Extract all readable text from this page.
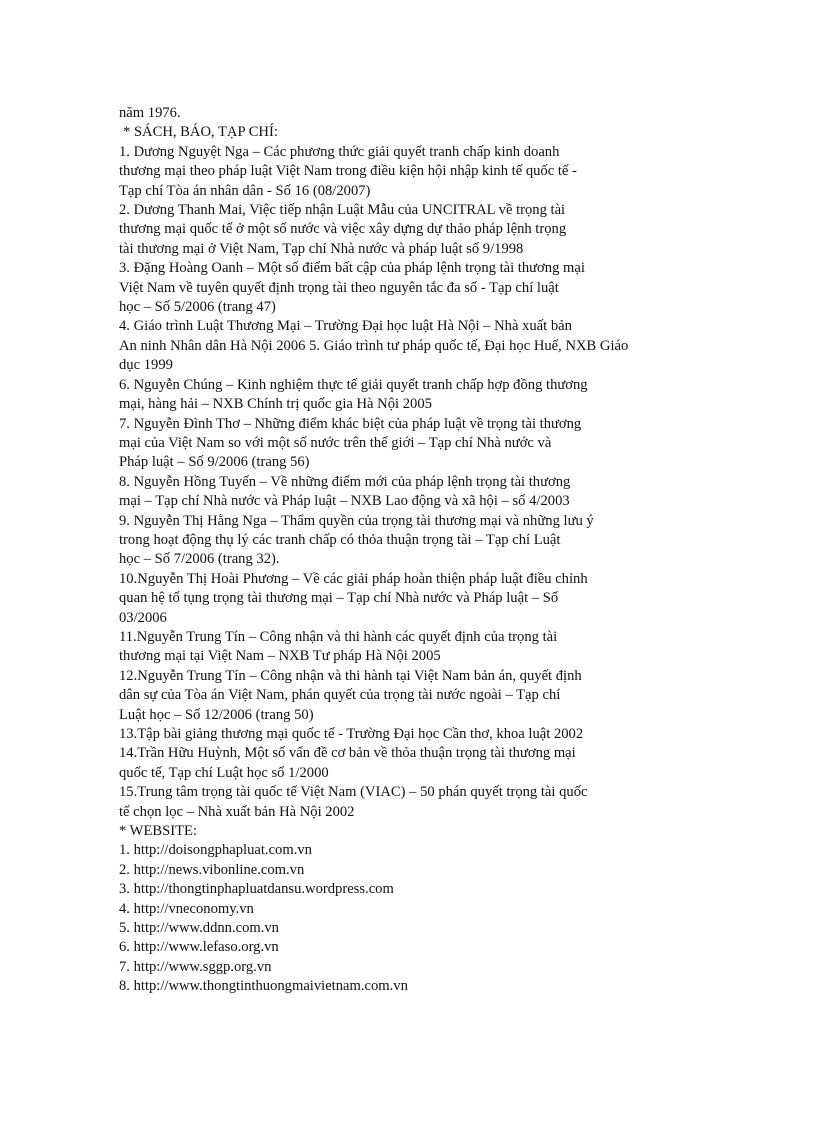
năm 1976.
* SÁCH, BÁO, TẠP CHÍ:
1. Dương Nguyệt Nga – Các phương thức giải quyết tranh chấp kinh doanh
thương mại theo pháp luật Việt Nam trong điều kiện hội nhập kinh tế quốc tế -
Tạp chí Tòa án nhân dân - Số 16 (08/2007)
2. Dương Thanh Mai, Việc tiếp nhận Luật Mẫu của UNCITRAL về trọng tài
thương mại quốc tế ở một số nước và việc xây dựng dự thảo pháp lệnh trọng
tài thương mại ở Việt Nam, Tạp chí Nhà nước và pháp luật số 9/1998
3. Đặng Hoàng Oanh – Một số điểm bất cập của pháp lệnh trọng tài thương mại
Việt Nam về tuyên quyết định trọng tài theo nguyên tắc đa số - Tạp chí luật
học – Số 5/2006 (trang 47)
4. Giáo trình Luật Thương Mại – Trường Đại học luật Hà Nội – Nhà xuất bản
An ninh Nhân dân Hà Nội 2006 5. Giáo trình tư pháp quốc tế, Đại học Huế, NXB Giáo
dục 1999
6. Nguyễn Chúng – Kinh nghiệm thực tế giải quyết tranh chấp hợp đồng thương
mại, hàng hải – NXB Chính trị quốc gia Hà Nội 2005
7. Nguyễn Đình Thơ – Những điểm khác biệt của pháp luật về trọng tài thương
mại của Việt Nam so với một số nước trên thế giới – Tạp chí Nhà nước và
Pháp luật – Số 9/2006 (trang 56)
8. Nguyễn Hồng Tuyến – Về những điểm mới của pháp lệnh trọng tài thương
mại – Tạp chí Nhà nước và Pháp luật – NXB Lao động và xã hội – số 4/2003
9. Nguyễn Thị Hằng Nga – Thẩm quyền của trọng tài thương mại và những lưu ý
trong hoạt động thụ lý các tranh chấp có thỏa thuận trọng tài – Tạp chí Luật
học – Số 7/2006 (trang 32).
10.Nguyễn Thị Hoài Phương – Về các giải pháp hoàn thiện pháp luật điều chỉnh
quan hệ tố tụng trọng tài thương mại – Tạp chí Nhà nước và Pháp luật – Số
03/2006
11.Nguyễn Trung Tín – Công nhận và thi hành các quyết định của trọng tài
thương mại tại Việt Nam – NXB Tư pháp Hà Nội 2005
12.Nguyễn Trung Tín – Công nhận và thi hành tại Việt Nam bản án, quyết định
dân sự của Tòa án Việt Nam, phán quyết của trọng tài nước ngoài – Tạp chí
Luật học – Số 12/2006 (trang 50)
13.Tập bài giảng thương mại quốc tế - Trường Đại học Cần thơ, khoa luật 2002
14.Trần Hữu Huỳnh, Một số vấn đề cơ bản về thỏa thuận trọng tài thương mại
quốc tế, Tạp chí Luật học số 1/2000
15.Trung tâm trọng tài quốc tế Việt Nam (VIAC) – 50 phán quyết trọng tài quốc
tế chọn lọc – Nhà xuất bản Hà Nội 2002
* WEBSITE:
1. http://doisongphapluat.com.vn
2. http://news.vibonline.com.vn
3. http://thongtinphapluatdansu.wordpress.com
4. http://vneconomy.vn
5. http://www.ddnn.com.vn
6. http://www.lefaso.org.vn
7. http://www.sggp.org.vn
8. http://www.thongtinthuongmaivietnam.com.vn
